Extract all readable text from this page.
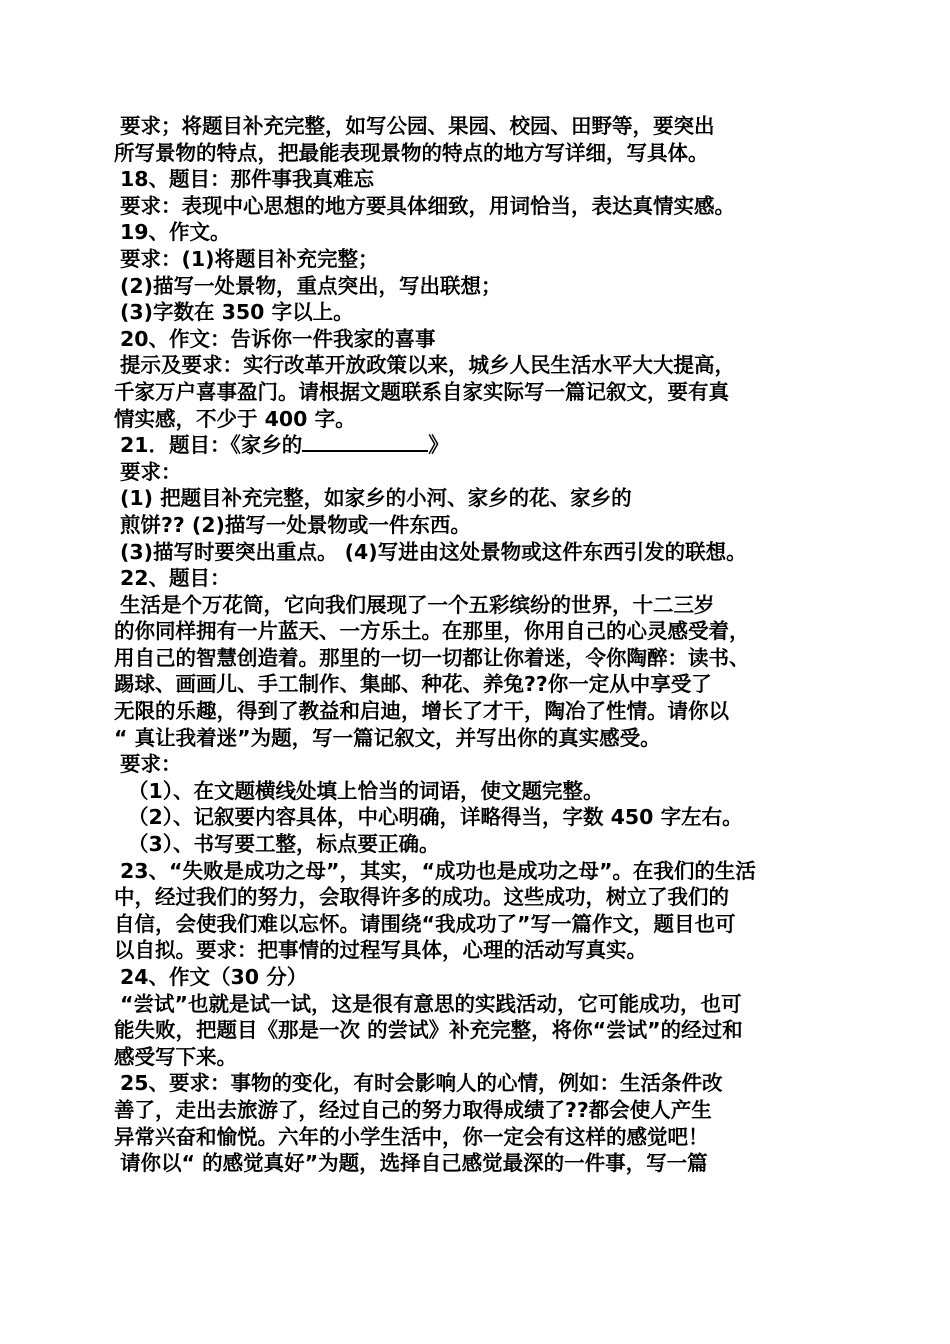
要求；将题目补充完整，如写公园、果园、校园、田野等，要突出
所写景物的特点，把最能表现景物的特点的地方写详细，写具体。
18、题目：那件事我真难忘
要求：表现中心思想的地方要具体细致，用词恰当，表达真情实感。
19、作文。
要求：(1)将题目补充完整；
(2)描写一处景物，重点突出，写出联想；
(3)字数在 350 字以上。
20、作文：告诉你一件我家的喜事
提示及要求：实行改革开放政策以来，城乡人民生活水平大大提高，
千家万户喜事盈门。请根据文题联系自家实际写一篇记叙文，要有真
情实感，不少于 400 字。
21．题目：《家乡的	》
要求：
(1) 把题目补充完整，如家乡的小河、家乡的花、家乡的
煎饼?? (2)描写一处景物或一件东西。
(3)描写时要突出重点。 (4)写进由这处景物或这件东西引发的联想。
22、题目：
生活是个万花筒，它向我们展现了一个五彩缤纷的世界，十二三岁
的你同样拥有一片蓝天、一方乐土。在那里，你用自己的心灵感受着，
用自己的智慧创造着。那里的一切一切都让你着迷，令你陶醉：读书、
踢球、画画儿、手工制作、集邮、种花、养兔??你一定从中享受了
无限的乐趣，得到了教益和启迪，增长了才干，陶冶了性情。请你以
“ 真让我着迷”为题，写一篇记叙文，并写出你的真实感受。
要求：
（1）、在文题横线处填上恰当的词语，使文题完整。
（2）、记叙要内容具体，中心明确，详略得当，字数 450 字左右。
（3）、书写要工整，标点要正确。
23、“失败是成功之母”，其实，“成功也是成功之母”。在我们的生活
中，经过我们的努力，会取得许多的成功。这些成功，树立了我们的
自信，会使我们难以忘怀。请围绕“我成功了”写一篇作文，题目也可
以自拟。要求：把事情的过程写具体，心理的活动写真实。
24、作文（30 分）
“尝试”也就是试一试，这是很有意思的实践活动，它可能成功，也可
能失败，把题目《那是一次 的尝试》补充完整，将你“尝试”的经过和
感受写下来。
25、要求：事物的变化，有时会影响人的心情，例如：生活条件改
善了，走出去旅游了，经过自己的努力取得成绩了??都会使人产生
异常兴奋和愉悦。六年的小学生活中，你一定会有这样的感觉吧！
请你以“ 的感觉真好”为题，选择自己感觉最深的一件事，写一篇
